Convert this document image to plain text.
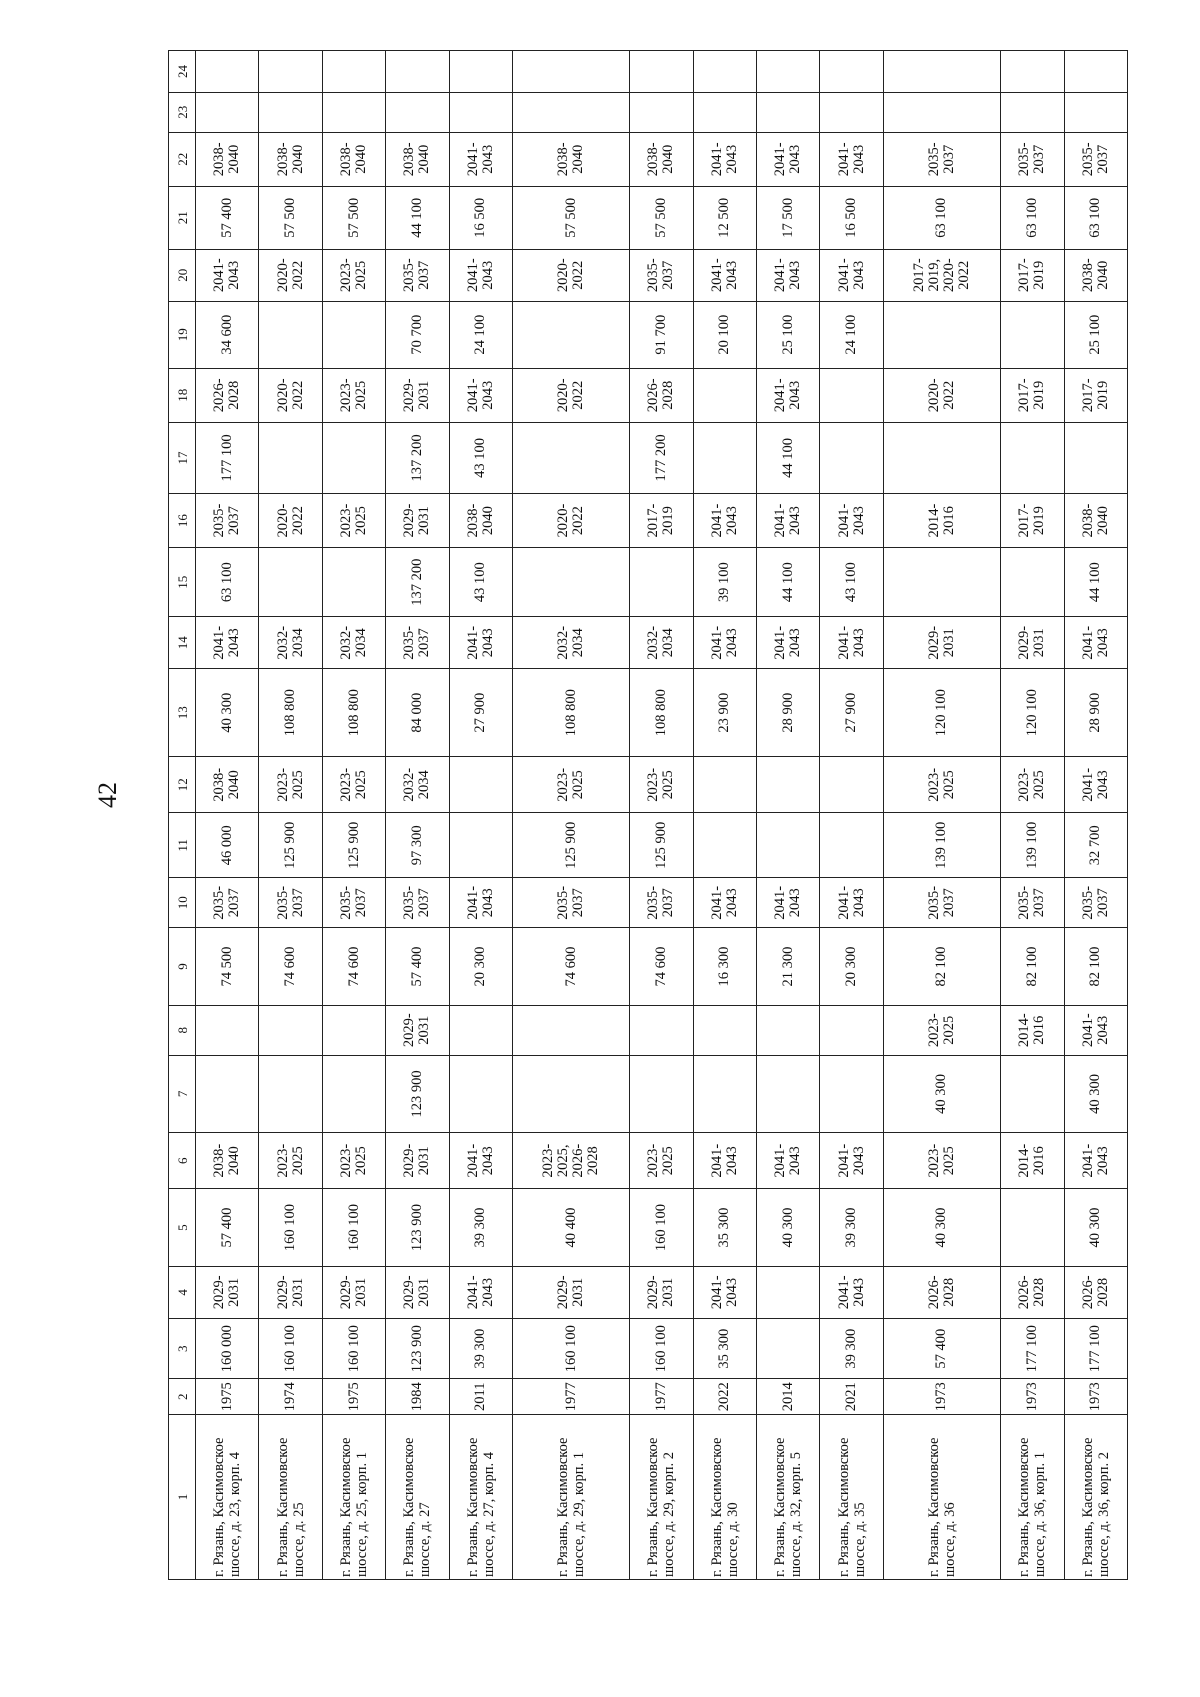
42
1	2	3	4	5	6	7	8	9	10	11	12	13	14	15	16	17	18	19	20	21	22	23	24
г. Рязань, Касимовское шоссе, д. 23, корп. 4	1975	160 000	2029-2031	57 400	2038-2040			74 500	2035-2037	46 000	2038-2040	40 300	2041-2043	63 100	2035-2037	177 100	2026-2028	34 600	2041-2043	57 400	2038-2040		
г. Рязань, Касимовское шоссе, д. 25	1974	160 100	2029-2031	160 100	2023-2025			74 600	2035-2037	125 900	2023-2025	108 800	2032-2034		2020-2022		2020-2022		2020-2022	57 500	2038-2040		
г. Рязань, Касимовское шоссе, д. 25, корп. 1	1975	160 100	2029-2031	160 100	2023-2025			74 600	2035-2037	125 900	2023-2025	108 800	2032-2034		2023-2025		2023-2025		2023-2025	57 500	2038-2040		
г. Рязань, Касимовское шоссе, д. 27	1984	123 900	2029-2031	123 900	2029-2031	123 900	2029-2031	57 400	2035-2037	97 300	2032-2034	84 000	2035-2037	137 200	2029-2031	137 200	2029-2031	70 700	2035-2037	44 100	2038-2040		
г. Рязань, Касимовское шоссе, д. 27, корп. 4	2011	39 300	2041-2043	39 300	2041-2043			20 300	2041-2043			27 900	2041-2043	43 100	2038-2040	43 100	2041-2043	24 100	2041-2043	16 500	2041-2043		
г. Рязань, Касимовское шоссе, д. 29, корп. 1	1977	160 100	2029-2031	40 400	2023-2025, 2026-2028			74 600	2035-2037	125 900	2023-2025	108 800	2032-2034		2020-2022		2020-2022		2020-2022	57 500	2038-2040		
г. Рязань, Касимовское шоссе, д. 29, корп. 2	1977	160 100	2029-2031	160 100	2023-2025			74 600	2035-2037	125 900	2023-2025	108 800	2032-2034		2017-2019	177 200	2026-2028	91 700	2035-2037	57 500	2038-2040		
г. Рязань, Касимовское шоссе, д. 30	2022	35 300	2041-2043	35 300	2041-2043			16 300	2041-2043			23 900	2041-2043	39 100	2041-2043			20 100	2041-2043	12 500	2041-2043		
г. Рязань, Касимовское шоссе, д. 32, корп. 5	2014			40 300	2041-2043			21 300	2041-2043			28 900	2041-2043	44 100	2041-2043	44 100	2041-2043	25 100	2041-2043	17 500	2041-2043		
г. Рязань, Касимовское шоссе, д. 35	2021	39 300	2041-2043	39 300	2041-2043			20 300	2041-2043			27 900	2041-2043	43 100	2041-2043			24 100	2041-2043	16 500	2041-2043		
г. Рязань, Касимовское шоссе, д. 36	1973	57 400	2026-2028	40 300	2023-2025	40 300	2023-2025	82 100	2035-2037	139 100	2023-2025	120 100	2029-2031		2014-2016		2020-2022		2017-2019, 2020-2022	63 100	2035-2037		
г. Рязань, Касимовское шоссе, д. 36, корп. 1	1973	177 100	2026-2028		2014-2016		2014-2016	82 100	2035-2037	139 100	2023-2025	120 100	2029-2031		2017-2019		2017-2019		2017-2019	63 100	2035-2037		
г. Рязань, Касимовское шоссе, д. 36, корп. 2	1973	177 100	2026-2028	40 300	2041-2043	40 300	2041-2043	82 100	2035-2037	32 700	2041-2043	28 900	2041-2043	44 100	2038-2040		2017-2019	25 100	2038-2040	63 100	2035-2037		
